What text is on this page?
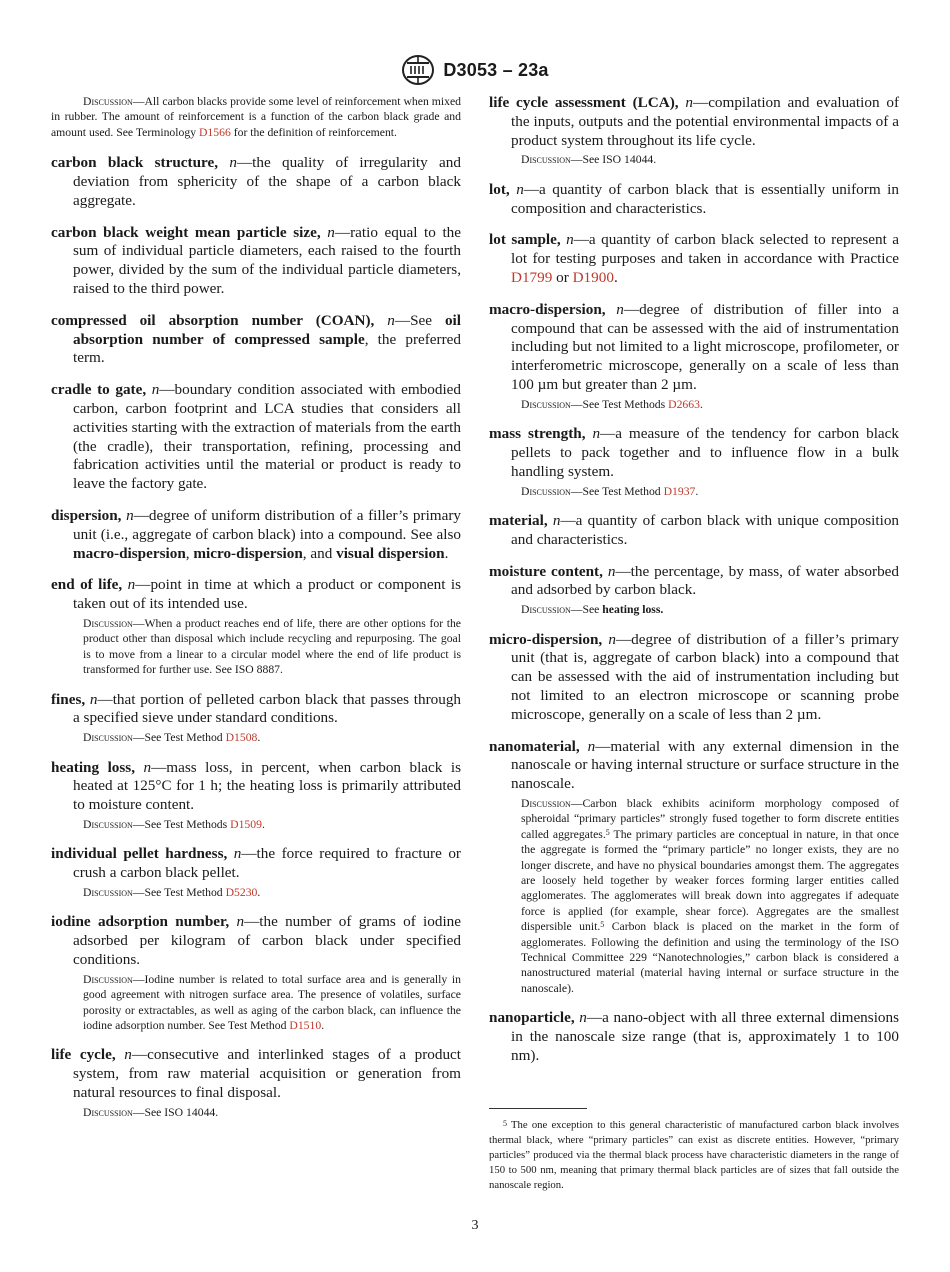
D3053 – 23a

Discussion—All carbon blacks provide some level of reinforcement when mixed in rubber. The amount of reinforcement is a function of the carbon black grade and amount used. See Terminology D1566 for the definition of reinforcement.

carbon black structure, n—the quality of irregularity and deviation from sphericity of the shape of a carbon black aggregate.

carbon black weight mean particle size, n—ratio equal to the sum of individual particle diameters, each raised to the fourth power, divided by the sum of the individual particle diameters, raised to the third power.

compressed oil absorption number (COAN), n—See oil absorption number of compressed sample, the preferred term.

cradle to gate, n—boundary condition associated with embodied carbon, carbon footprint and LCA studies that considers all activities starting with the extraction of materials from the earth (the cradle), their transportation, refining, processing and fabrication activities until the material or product is ready to leave the factory gate.

dispersion, n—degree of uniform distribution of a filler’s primary unit (i.e., aggregate of carbon black) into a compound. See also macro-dispersion, micro-dispersion, and visual dispersion.

end of life, n—point in time at which a product or component is taken out of its intended use.
Discussion—When a product reaches end of life, there are other options for the product other than disposal which include recycling and repurposing. The goal is to move from a linear to a circular model where the end of life product is transformed for further use. See ISO 8887.
fines, n—that portion of pelleted carbon black that passes through a specified sieve under standard conditions.
Discussion—See Test Method D1508.
heating loss, n—mass loss, in percent, when carbon black is heated at 125°C for 1 h; the heating loss is primarily attributed to moisture content.
Discussion—See Test Methods D1509.
individual pellet hardness, n—the force required to fracture or crush a carbon black pellet.
Discussion—See Test Method D5230.
iodine adsorption number, n—the number of grams of iodine adsorbed per kilogram of carbon black under specified conditions.
Discussion—Iodine number is related to total surface area and is generally in good agreement with nitrogen surface area. The presence of volatiles, surface porosity or extractables, as well as aging of the carbon black, can influence the iodine adsorption number. See Test Method D1510.
life cycle, n—consecutive and interlinked stages of a product system, from raw material acquisition or generation from natural resources to final disposal.
Discussion—See ISO 14044.
life cycle assessment (LCA), n—compilation and evaluation of the inputs, outputs and the potential environmental impacts of a product system throughout its life cycle.
Discussion—See ISO 14044.

lot, n—a quantity of carbon black that is essentially uniform in composition and characteristics.

lot sample, n—a quantity of carbon black selected to represent a lot for testing purposes and taken in accordance with Practice D1799 or D1900.

macro-dispersion, n—degree of distribution of filler into a compound that can be assessed with the aid of instrumentation including but not limited to a light microscope, profilometer, or interferometric microscope, generally on a scale of less than 100 µm but greater than 2 µm.
Discussion—See Test Methods D2663.
mass strength, n—a measure of the tendency for carbon black pellets to pack together and to influence flow in a bulk handling system.
Discussion—See Test Method D1937.

material, n—a quantity of carbon black with unique composition and characteristics.

moisture content, n—the percentage, by mass, of water absorbed and adsorbed by carbon black.
Discussion—See heating loss.

micro-dispersion, n—degree of distribution of a filler’s primary unit (that is, aggregate of carbon black) into a compound that can be assessed with the aid of instrumentation including but not limited to an electron microscope or scanning probe microscope, generally on a scale of less than 2 µm.

nanomaterial, n—material with any external dimension in the nanoscale or having internal structure or surface structure in the nanoscale.
Discussion—Carbon black exhibits aciniform morphology composed of spheroidal “primary particles” strongly fused together to form discrete entities called aggregates.$^5$ The primary particles are conceptual in nature, in that once the aggregate is formed the “primary particle” no longer exists, they are no longer discrete, and have no physical boundaries amongst them. The aggregates are loosely held together by weaker forces forming larger entities called agglomerates. The agglomerates will break down into aggregates if adequate force is applied (for example, shear force). Aggregates are the smallest dispersible unit.$^5$ Carbon black is placed on the market in the form of agglomerates. Following the definition and using the terminology of the ISO Technical Committee 229 “Nanotechnologies,” carbon black is considered a nanostructured material (material having internal or surface structure in the nanoscale).

nanoparticle, n—a nano-object with all three external dimensions in the nanoscale size range (that is, approximately 1 to 100 nm).

$^5$ The one exception to this general characteristic of manufactured carbon black involves thermal black, where “primary particles” can exist as discrete entities. However, “primary particles” produced via the thermal black process have characteristic diameters in the range of 150 to 500 nm, meaning that primary thermal black particles are of sizes that fall outside the nanoscale region.
3
